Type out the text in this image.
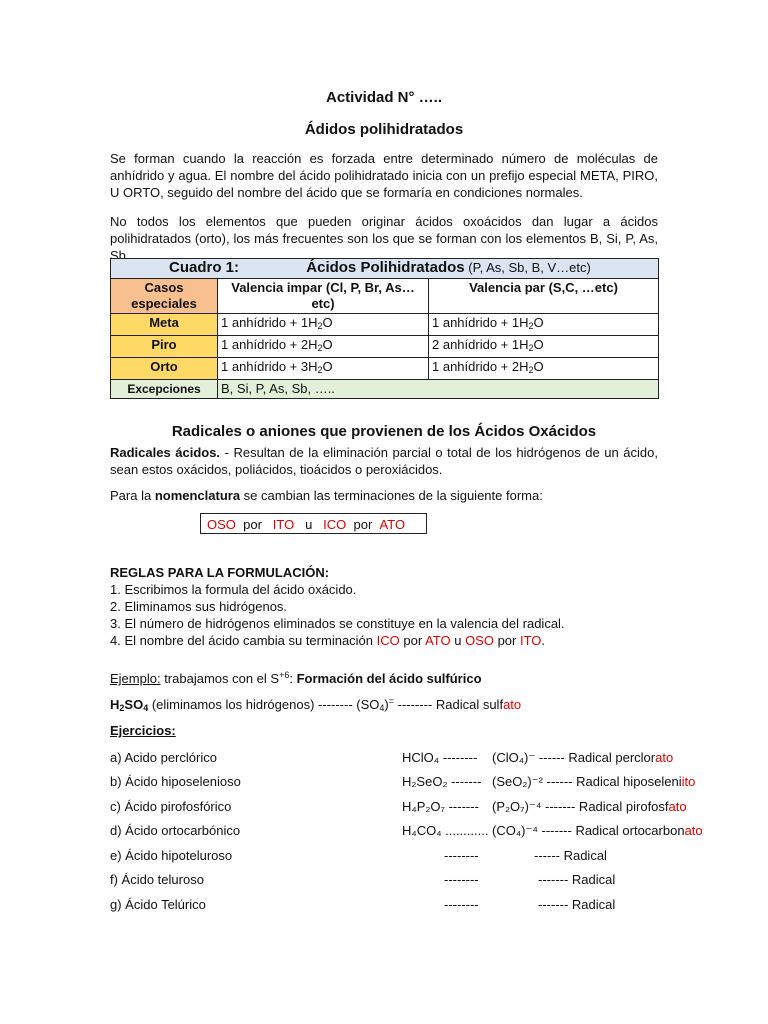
Actividad N° …..
Ádidos polihidratados

Se forman cuando la reacción es forzada entre determinado número de moléculas de anhídrido y agua. El nombre del ácido polihidratado inicia con un prefijo especial META, PIRO, U ORTO, seguido del nombre del ácido que se formaría en condiciones normales.

No todos los elementos que pueden originar ácidos oxoácidos dan lugar a ácidos polihidratados (orto), los más frecuentes son los que se forman con los elementos B, Si, P, As, Sb.

Cuadro 1: Ácidos Polihidratados (P, As, Sb, B, V…etc)		
Casos especiales	Valencia impar (Cl, P, Br, As…etc)	Valencia par (S,C, …etc)
Meta	1 anhídrido + $1H_2O$	1 anhídrido + $1H_2O$
Piro	1 anhídrido + $2H_2O$	2 anhídrido + $1H_2O$
Orto	1 anhídrido + $3H_2O$	1 anhídrido + $2H_2O$
Excepciones	B, Si, P, As, Sb, …..	
Radicales o aniones que provienen de los Ácidos Oxácidos

Radicales ácidos. - Resultan de la eliminación parcial o total de los hidrógenos de un ácido, sean estos oxácidos, poliácidos, tioácidos o peroxiácidos.

Para la nomenclatura se cambian las terminaciones de la siguiente forma:
OSO por ITO u ICO por ATO
REGLAS PARA LA FORMULACIÓN:
1. Escribimos la formula del ácido oxácido.
2. Eliminamos sus hidrógenos.
3. El número de hidrógenos eliminados se constituye en la valencia del radical.
4. El nombre del ácido cambia su terminación ICO por ATO u OSO por ITO.
Ejemplo: trabajamos con el $S^{+6}$: Formación del ácido sulfúrico
$H_2SO_4$ (eliminamos los hidrógenos) -------- $(SO_4)^=$ -------- Radical sulfato
Ejercicios:
a) Acido perclórico	HClO₄ -------- (ClO₄)⁻ ------ Radical perclorato
b) Ácido hiposelenioso	H₂SeO₂ ------- (SeO₂)⁻² ------ Radical hiposeleniito
c) Ácido pirofosfórico	H₄P₂O₇ ------- (P₂O₇)⁻⁴ ------- Radical pirofosfato
d) Ácido ortocarbónico	H₄CO₄ ............ (CO₄)⁻⁴ ------- Radical ortocarbonato
e) Ácido hipoteluroso	--------	------ Radical
f) Ácido teluroso	--------	------- Radical
g) Ácido Telúrico	--------	------- Radical
